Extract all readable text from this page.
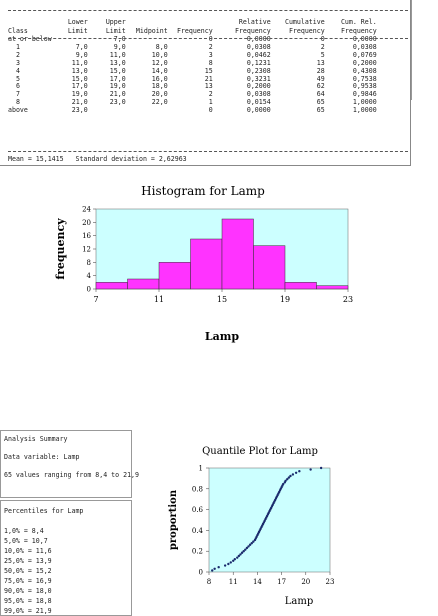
	Lower	Upper			Relative	Cumulative	Cum. Rel.
Class	Limit	Limit	Midpoint	Frequency	Frequency	Frequency	Frequency
at or below		7,0		0	0,0000	0	0,0000
1	7,0	9,0	8,0	2	0,0308	2	0,0308
2	9,0	11,0	10,0	3	0,0462	5	0,0769
3	11,0	13,0	12,0	8	0,1231	13	0,2000
4	13,0	15,0	14,0	15	0,2308	28	0,4308
5	15,0	17,0	16,0	21	0,3231	49	0,7538
6	17,0	19,0	18,0	13	0,2000	62	0,9538
7	19,0	21,0	20,0	2	0,0308	64	0,9846
8	21,0	23,0	22,0	1	0,0154	65	1,0000
above	23,0			0	0,0000	65	1,0000
Mean = 15,1415   Standard deviation = 2,62963
Histogram for Lamp
0
4
8
12
16
20
24
7	11	15	19	23
Lamp
frequency
Analysis Summary
Data variable: Lamp
65 values ranging from 8,4 to 21,9
Percentiles for Lamp
1,0% = 8,4
5,0% = 10,7
10,0% = 11,6
25,0% = 13,9
50,0% = 15,2
75,0% = 16,9
90,0% = 18,0
95,0% = 18,8
99,0% = 21,9
Quantile Plot for Lamp
0
0.2
0.4
0.6
0.8
1
8	11 14 17 20 23
Lamp
proportion
